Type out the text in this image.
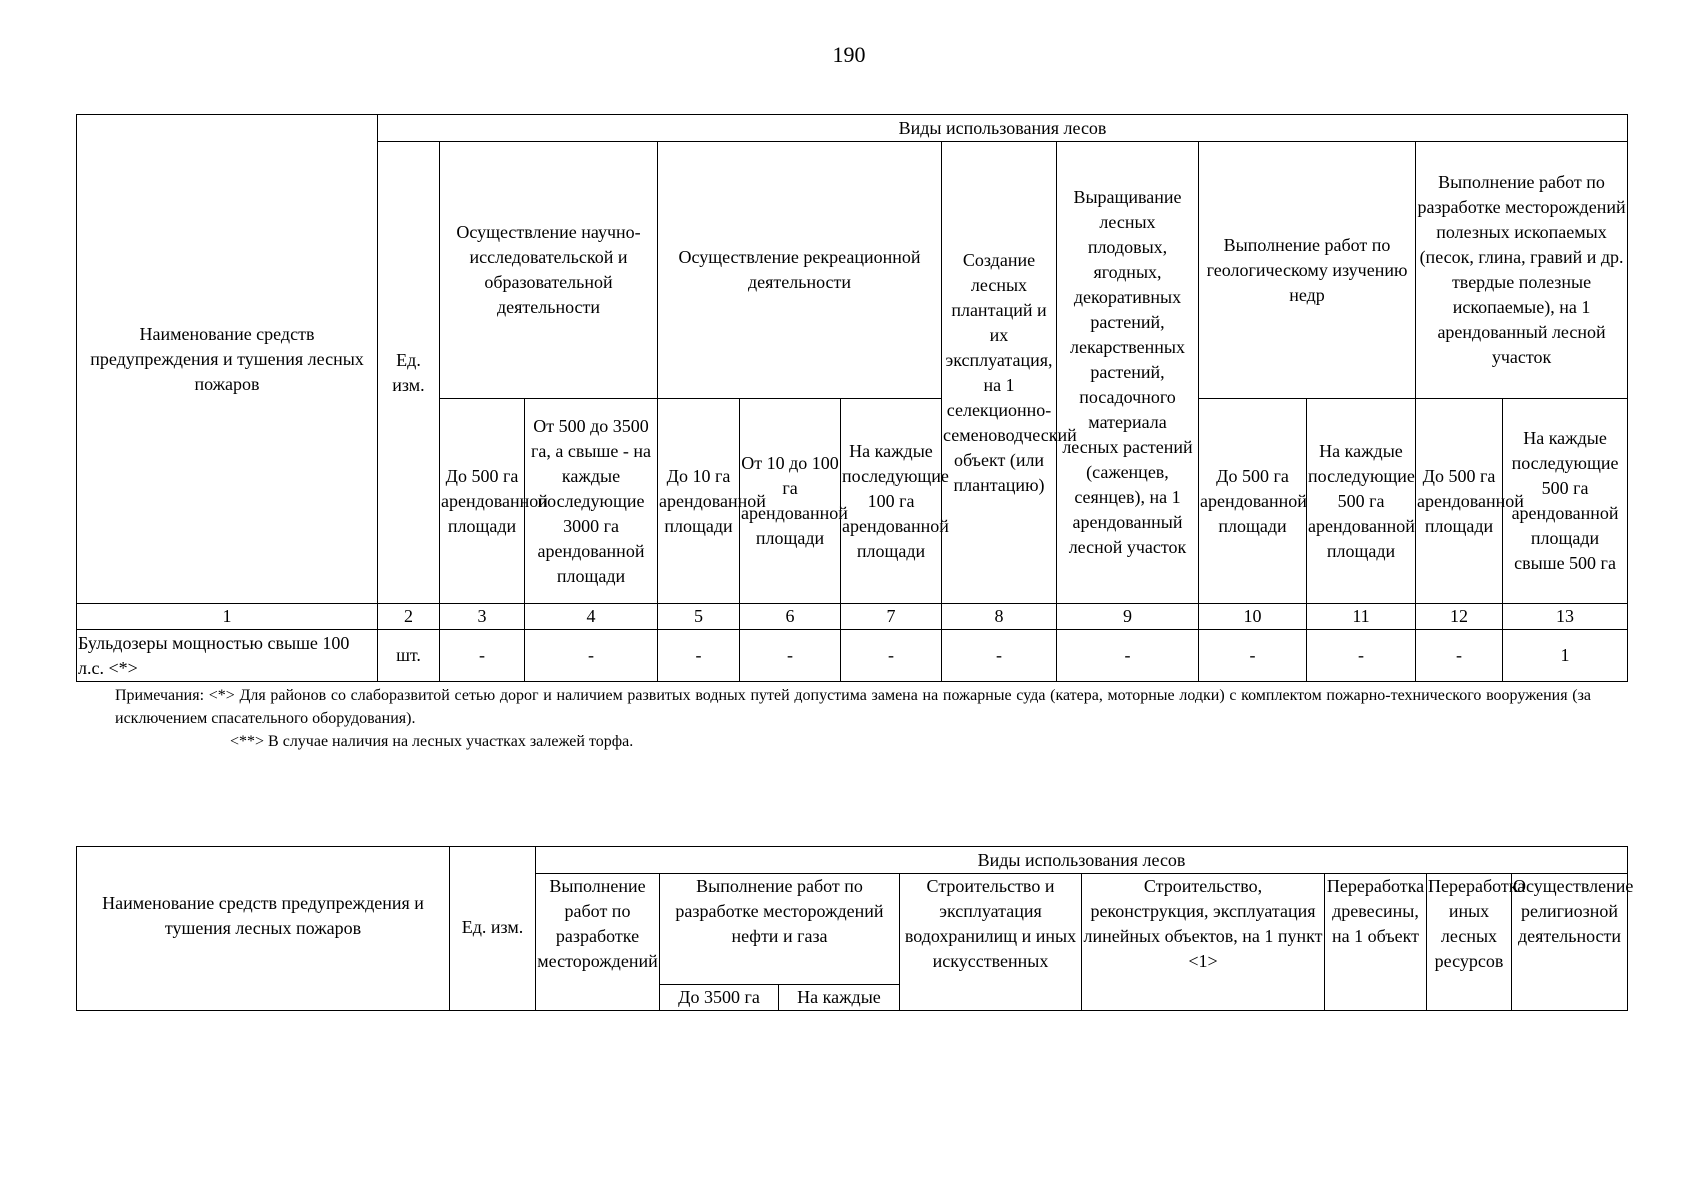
190
Наименование средств предупреждения и тушения лесных пожаров	Виды использования лесов											
	Ед. изм.	Осуществление научно-исследовательской и образовательной деятельности		Осуществление рекреационной деятельности			Создание лесных плантаций и их эксплуатация, на 1 селекционно-семеноводческий объект (или плантацию)	Выращивание лесных плодовых, ягодных, декоративных растений, лекарственных растений, посадочного материала лесных растений (саженцев, сеянцев), на 1 арендованный лесной участок	Выполнение работ по геологическому изучению недр		Выполнение работ по разработке месторождений полезных ископаемых (песок, глина, гравий и др. твердые полезные ископаемые), на 1 арендованный лесной участок	
		До 500 га арендованной площади	От 500 до 3500 га, а свыше - на каждые последующие 3000 га арендованной площади	До 10 га арендованной площади	От 10 до 100 га арендованной площади	На каждые последующие 100 га арендованной площади			До 500 га арендованной площади	На каждые последующие 500 га арендованной площади	До 500 га арендованной площади	На каждые последующие 500 га арендованной площади свыше 500 га
1	2	3	4	5	6	7	8	9	10	11	12	13
Бульдозеры мощностью свыше 100 л.с. <*>	шт.	-	-	-	-	-	-	-	-	-	-	1

Примечания: <*> Для районов со слаборазвитой сетью дорог и наличием развитых водных путей допустима замена на пожарные суда (катера, моторные лодки) с комплектом пожарно-технического вооружения (за исключением спасательного оборудования).

<**> В случае наличия на лесных участках залежей торфа.

Наименование средств предупреждения и тушения лесных пожаров	Ед. изм.	Виды использования лесов							

		Выполнение работ по разработке месторождений	Выполнение работ по разработке месторождений нефти и газа		Строительство и эксплуатация водохранилищ и иных искусственных	Строительство, реконструкция, эксплуатация линейных объектов, на 1 пункт <1>	Переработка древесины, на 1 объект	Переработка иных лесных ресурсов	Осуществление религиозной деятельности

			До 3500 га	На каждые					
